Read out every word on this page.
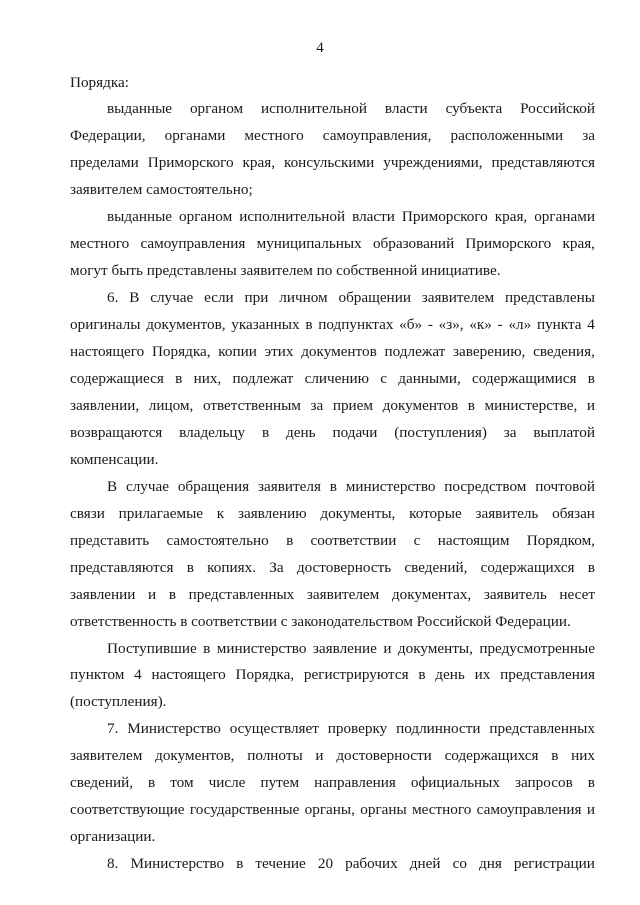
4
Порядка:
выданные органом исполнительной власти субъекта Российской
Федерации, органами местного самоуправления, расположенными за
пределами Приморского края, консульскими учреждениями, представляются
заявителем самостоятельно;
выданные органом исполнительной власти Приморского края, органами
местного самоуправления муниципальных образований Приморского края,
могут быть представлены заявителем по собственной инициативе.
6. В случае если при личном обращении заявителем представлены
оригиналы документов, указанных в подпунктах «б» - «з», «к» - «л» пункта 4
настоящего Порядка, копии этих документов подлежат заверению, сведения,
содержащиеся в них, подлежат сличению с данными, содержащимися в
заявлении, лицом, ответственным за прием документов в министерстве, и
возвращаются владельцу в день подачи (поступления) за выплатой
компенсации.
В случае обращения заявителя в министерство посредством почтовой
связи прилагаемые к заявлению документы, которые заявитель обязан
представить самостоятельно в соответствии с настоящим Порядком,
представляются в копиях. За достоверность сведений, содержащихся в
заявлении и в представленных заявителем документах, заявитель несет
ответственность в соответствии с законодательством Российской Федерации.
Поступившие в министерство заявление и документы, предусмотренные
пунктом 4 настоящего Порядка, регистрируются в день их представления
(поступления).
7. Министерство осуществляет проверку подлинности представленных
заявителем документов, полноты и достоверности содержащихся в них
сведений, в том числе путем направления официальных запросов в
соответствующие государственные органы, органы местного самоуправления и
организации.
8. Министерство в течение 20 рабочих дней со дня регистрации
